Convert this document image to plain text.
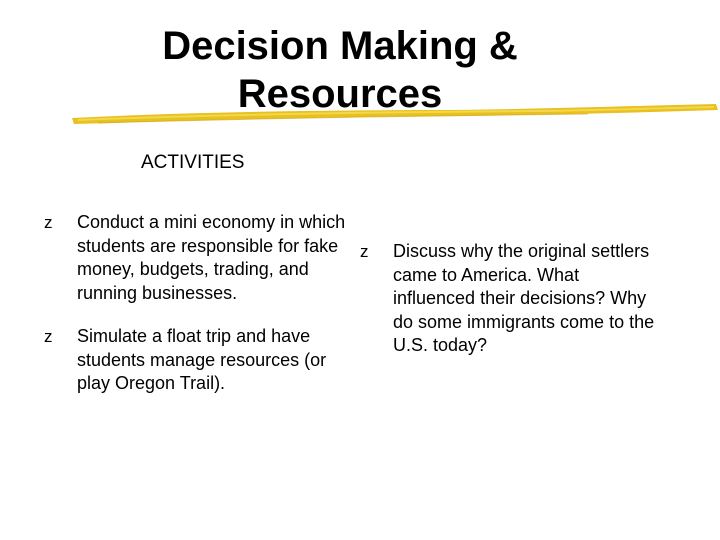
Decision Making &
Resources

ACTIVITIES

z Conduct a mini economy in which students are responsible for fake money, budgets, trading, and running businesses.
z Simulate a float trip and have students manage resources (or play Oregon Trail).
z Discuss why the original settlers came to America. What influenced their decisions? Why do some immigrants come to the U.S. today?
